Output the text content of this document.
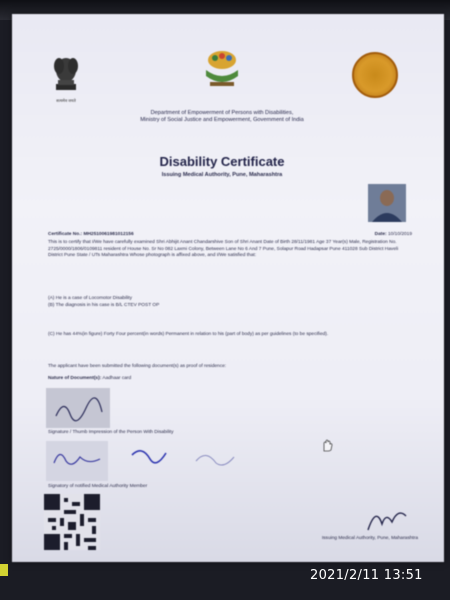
सत्यमेव जयते
Department of Empowerment of Persons with Disabilities,
Ministry of Social Justice and Empowerment, Government of India
Disability Certificate
Issuing Medical Authority, Pune, Maharashtra
Certificate No.: MH2510061981012156	Date: 10/10/2019
This is to certify that I/We have carefully examined Shri Abhijit Anant Chandarshive Son of Shri Anant Date of Birth 28/11/1981 Age 37 Year(s) Male, Registration No. 2725/0000/1806/0109811 resident of House No. Sr No 082 Laxmi Colony, Between Lane No 6 And 7 Pune, Solapur Road Hadapsar Pune 411028 Sub District Haveli District Pune State / UTs Maharashtra Whose photograph is affixed above, and I/We satisfied that:
(A) He is a case of Locomotor Disability
(B) The diagnosis in his case is B/L CTEV POST OP
(C) He has 44%(in figure) Forty Four percent(in words) Permanent in relation to his (part of body) as per guidelines (to be specified).
The applicant have been submitted the following document(s) as proof of residence:
Nature of Document(s): Aadhaar card
Signature / Thumb Impression of the Person With Disability
Signatory of notified Medical Authority Member
Issuing Medical Authority, Pune, Maharashtra
2021/2/11 13:51
